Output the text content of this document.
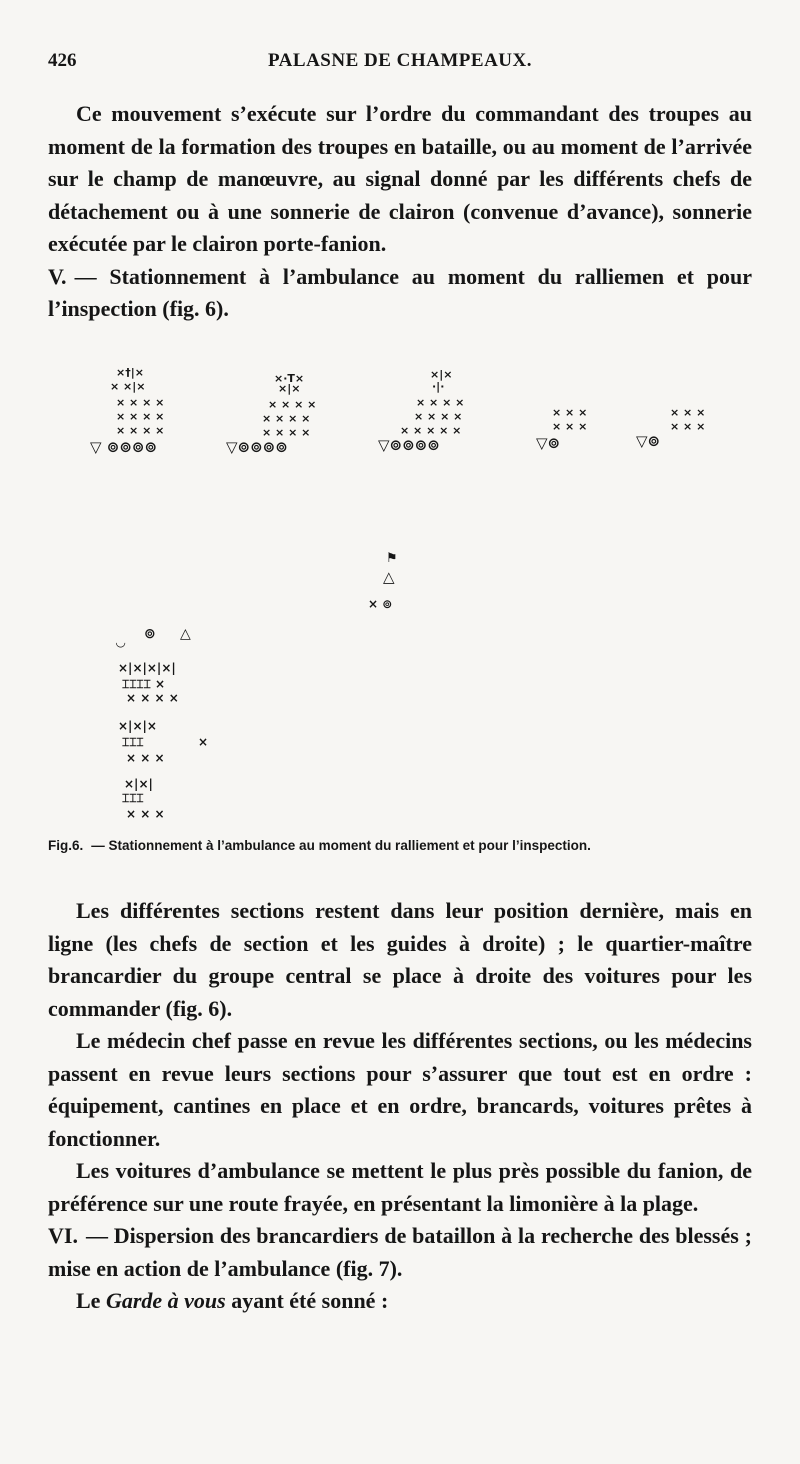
426	PALASNE DE CHAMPEAUX.

Ce mouvement s’exécute sur l’ordre du commandant des troupes au moment de la formation des troupes en bataille, ou au moment de l’arrivée sur le champ de manœuvre, au signal donné par les différents chefs de détachement ou à une sonnerie de clairon (convenue d’avance), sonnerie exécutée par le clairon porte-fanion.

V. — Stationnement à l’ambulance au moment du ralliemen et pour l’inspection (fig. 6).

×†|×
× ×|×
× × × ×
× × × ×
× × × ×
×·T×
×|×
× × × ×
× × × ×
× × × ×
×|×
·|·
× × × ×
× × × ×
× × × × ×
× × ×
× × ×
× × ×
× × ×
▽ ⊚⊚⊚⊚	▽⊚⊚⊚⊚	▽⊚⊚⊚⊚	▽⊚	▽⊚
△
⚑
× ⊚
⊚ △
◡
×|×|×|×|
⌶⌶⌶⌶ ×
× × × ×
×|×|×
⌶⌶⌶	×
× × ×
×|×|
⌶⌶⌶
× × ×
Fig.6. — Stationnement à l’ambulance au moment du ralliement et pour l’inspection.

Les différentes sections restent dans leur position dernière, mais en ligne (les chefs de section et les guides à droite) ; le quartier-maître brancardier du groupe central se place à droite des voitures pour les commander (fig. 6).

Le médecin chef passe en revue les différentes sections, ou les médecins passent en revue leurs sections pour s’assurer que tout est en ordre : équipement, cantines en place et en ordre, brancards, voitures prêtes à fonctionner.

Les voitures d’ambulance se mettent le plus près possible du fanion, de préférence sur une route frayée, en présentant la limonière à la plage.

VI. — Dispersion des brancardiers de bataillon à la recherche des blessés ; mise en action de l’ambulance (fig. 7).

Le Garde à vous ayant été sonné :
